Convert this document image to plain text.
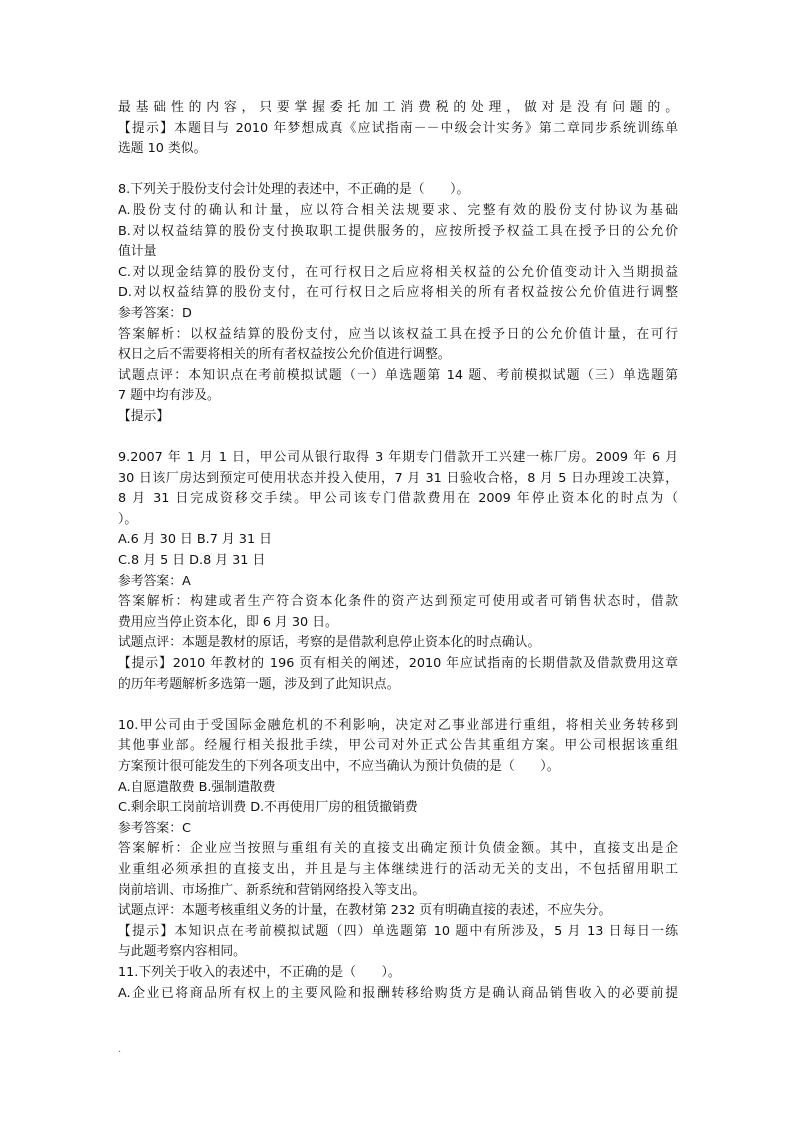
最基础性的内容，只要掌握委托加工消费税的处理，做对是没有问题的。
【提示】本题目与 2010 年梦想成真《应试指南－－中级会计实务》第二章同步系统训练单
选题 10 类似。
8.下列关于股份支付会计处理的表述中，不正确的是（　　）。
A.股份支付的确认和计量，应以符合相关法规要求、完整有效的股份支付协议为基础
B.对以权益结算的股份支付换取职工提供服务的，应按所授予权益工具在授予日的公允价
值计量
C.对以现金结算的股份支付，在可行权日之后应将相关权益的公允价值变动计入当期损益
D.对以权益结算的股份支付，在可行权日之后应将相关的所有者权益按公允价值进行调整
参考答案：D
答案解析：以权益结算的股份支付，应当以该权益工具在授予日的公允价值计量，在可行
权日之后不需要将相关的所有者权益按公允价值进行调整。
试题点评：本知识点在考前模拟试题（一）单选题第 14 题、考前模拟试题（三）单选题第
7 题中均有涉及。
【提示】
9.2007 年 1 月 1 日，甲公司从银行取得 3 年期专门借款开工兴建一栋厂房。2009 年 6 月
30 日该厂房达到预定可使用状态并投入使用，7 月 31 日验收合格，8 月 5 日办理竣工决算，
8 月 31 日完成资移交手续。甲公司该专门借款费用在 2009 年停止资本化的时点为（
）。
A.6 月 30 日 B.7 月 31 日
C.8 月 5 日 D.8 月 31 日
参考答案：A
答案解析：构建或者生产符合资本化条件的资产达到预定可使用或者可销售状态时，借款
费用应当停止资本化，即 6 月 30 日。
试题点评：本题是教材的原话，考察的是借款利息停止资本化的时点确认。
【提示】2010 年教材的 196 页有相关的阐述，2010 年应试指南的长期借款及借款费用这章
的历年考题解析多选第一题，涉及到了此知识点。
10.甲公司由于受国际金融危机的不利影响，决定对乙事业部进行重组，将相关业务转移到
其他事业部。经履行相关报批手续，甲公司对外正式公告其重组方案。甲公司根据该重组
方案预计很可能发生的下列各项支出中，不应当确认为预计负债的是（　　）。
A.自愿遣散费 B.强制遣散费
C.剩余职工岗前培训费 D.不再使用厂房的租赁撤销费
参考答案：C
答案解析：企业应当按照与重组有关的直接支出确定预计负债金额。其中，直接支出是企
业重组必须承担的直接支出，并且是与主体继续进行的活动无关的支出，不包括留用职工
岗前培训、市场推广、新系统和营销网络投入等支出。
试题点评：本题考核重组义务的计量，在教材第 232 页有明确直接的表述，不应失分。
【提示】本知识点在考前模拟试题（四）单选题第 10 题中有所涉及，5 月 13 日每日一练
与此题考察内容相同。
11.下列关于收入的表述中，不正确的是（　　）。
A.企业已将商品所有权上的主要风险和报酬转移给购货方是确认商品销售收入的必要前提
.
